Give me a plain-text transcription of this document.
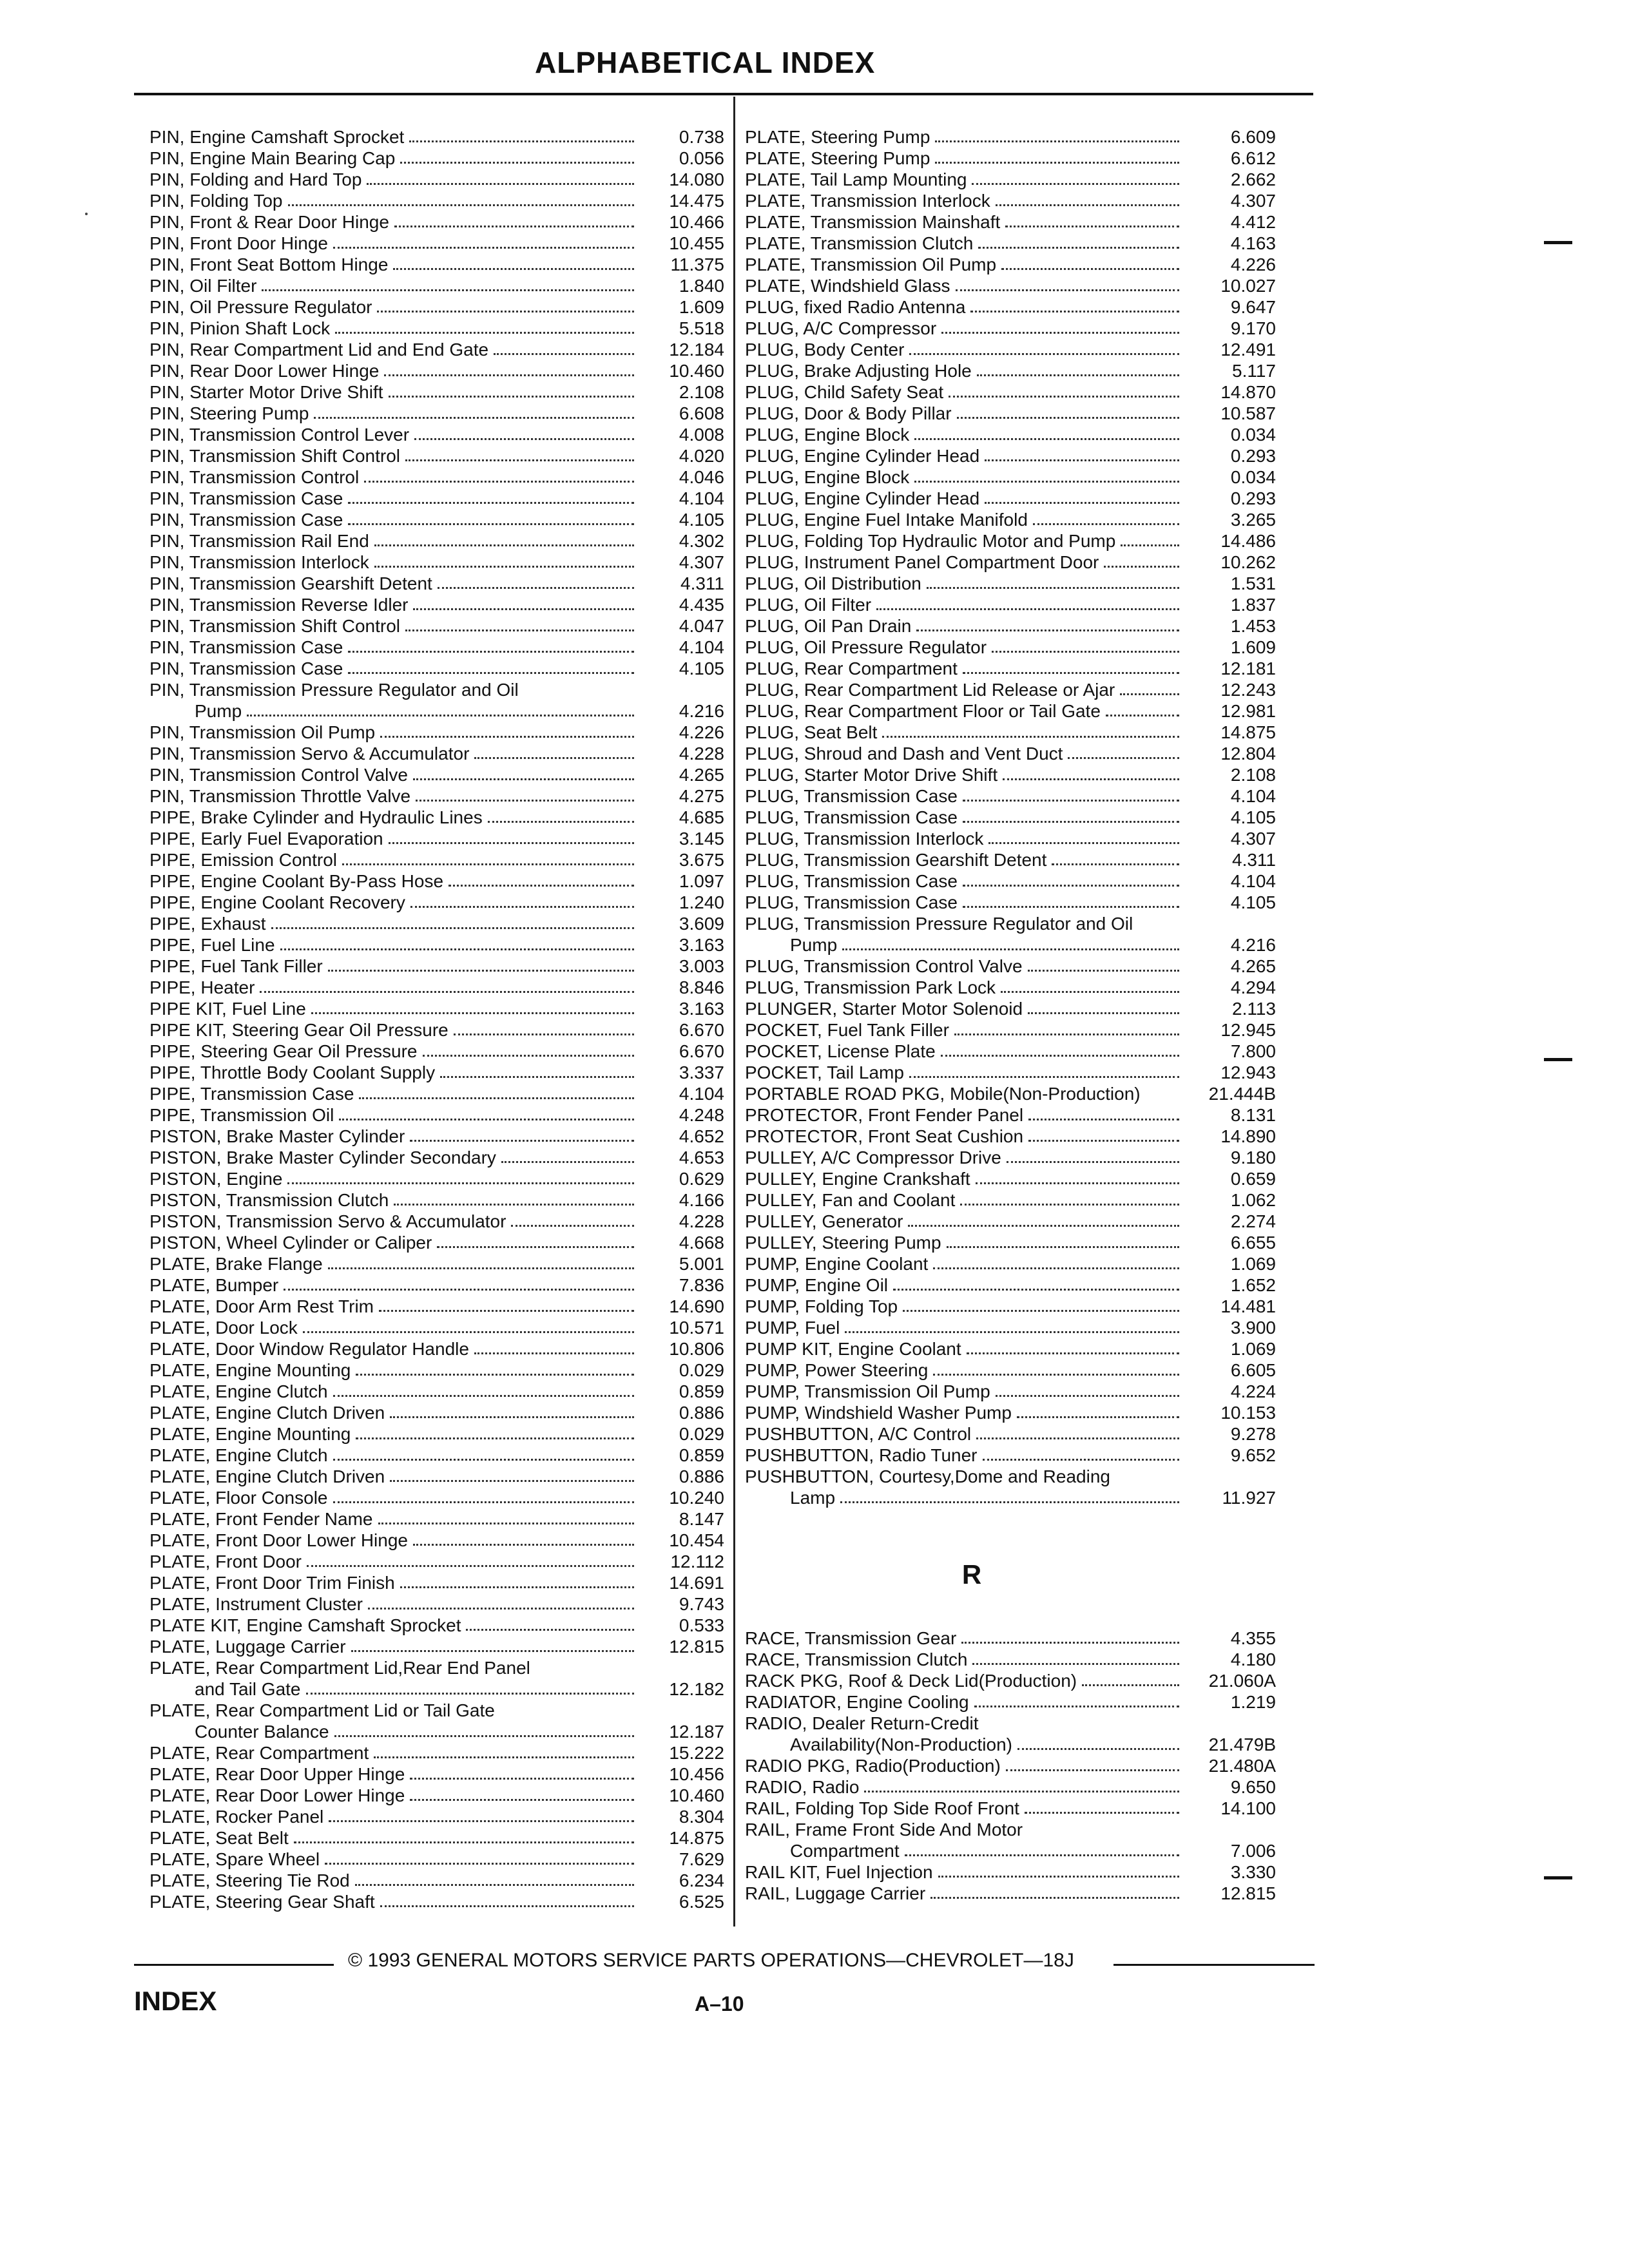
ALPHABETICAL INDEX
PIN, Engine Camshaft Sprocket	0.738
PIN, Engine Main Bearing Cap	0.056
PIN, Folding and Hard Top	14.080
PIN, Folding Top	14.475
PIN, Front & Rear Door Hinge	10.466
PIN, Front Door Hinge	10.455
PIN, Front Seat Bottom Hinge	11.375
PIN, Oil Filter	1.840
PIN, Oil Pressure Regulator	1.609
PIN, Pinion Shaft Lock	5.518
PIN, Rear Compartment Lid and End Gate	12.184
PIN, Rear Door Lower Hinge	10.460
PIN, Starter Motor Drive Shift	2.108
PIN, Steering Pump	6.608
PIN, Transmission Control Lever	4.008
PIN, Transmission Shift Control	4.020
PIN, Transmission Control	4.046
PIN, Transmission Case	4.104
PIN, Transmission Case	4.105
PIN, Transmission Rail End	4.302
PIN, Transmission Interlock	4.307
PIN, Transmission Gearshift Detent	4.311
PIN, Transmission Reverse Idler	4.435
PIN, Transmission Shift Control	4.047
PIN, Transmission Case	4.104
PIN, Transmission Case	4.105
PIN, Transmission Pressure Regulator and Oil
Pump	4.216
PIN, Transmission Oil Pump	4.226
PIN, Transmission Servo & Accumulator	4.228
PIN, Transmission Control Valve	4.265
PIN, Transmission Throttle Valve	4.275
PIPE, Brake Cylinder and Hydraulic Lines	4.685
PIPE, Early Fuel Evaporation	3.145
PIPE, Emission Control	3.675
PIPE, Engine Coolant By-Pass Hose	1.097
PIPE, Engine Coolant Recovery	1.240
PIPE, Exhaust	3.609
PIPE, Fuel Line	3.163
PIPE, Fuel Tank Filler	3.003
PIPE, Heater	8.846
PIPE KIT, Fuel Line	3.163
PIPE KIT, Steering Gear Oil Pressure	6.670
PIPE, Steering Gear Oil Pressure	6.670
PIPE, Throttle Body Coolant Supply	3.337
PIPE, Transmission Case	4.104
PIPE, Transmission Oil	4.248
PISTON, Brake Master Cylinder	4.652
PISTON, Brake Master Cylinder Secondary	4.653
PISTON, Engine	0.629
PISTON, Transmission Clutch	4.166
PISTON, Transmission Servo & Accumulator	4.228
PISTON, Wheel Cylinder or Caliper	4.668
PLATE, Brake Flange	5.001
PLATE, Bumper	7.836
PLATE, Door Arm Rest Trim	14.690
PLATE, Door Lock	10.571
PLATE, Door Window Regulator Handle	10.806
PLATE, Engine Mounting	0.029
PLATE, Engine Clutch	0.859
PLATE, Engine Clutch Driven	0.886
PLATE, Engine Mounting	0.029
PLATE, Engine Clutch	0.859
PLATE, Engine Clutch Driven	0.886
PLATE, Floor Console	10.240
PLATE, Front Fender Name	8.147
PLATE, Front Door Lower Hinge	10.454
PLATE, Front Door	12.112
PLATE, Front Door Trim Finish	14.691
PLATE, Instrument Cluster	9.743
PLATE KIT, Engine Camshaft Sprocket	0.533
PLATE, Luggage Carrier	12.815
PLATE, Rear Compartment Lid,Rear End Panel
and Tail Gate	12.182
PLATE, Rear Compartment Lid or Tail Gate
Counter Balance	12.187
PLATE, Rear Compartment	15.222
PLATE, Rear Door Upper Hinge	10.456
PLATE, Rear Door Lower Hinge	10.460
PLATE, Rocker Panel	8.304
PLATE, Seat Belt	14.875
PLATE, Spare Wheel	7.629
PLATE, Steering Tie Rod	6.234
PLATE, Steering Gear Shaft	6.525
PLATE, Steering Pump	6.609
PLATE, Steering Pump	6.612
PLATE, Tail Lamp Mounting	2.662
PLATE, Transmission Interlock	4.307
PLATE, Transmission Mainshaft	4.412
PLATE, Transmission Clutch	4.163
PLATE, Transmission Oil Pump	4.226
PLATE, Windshield Glass	10.027
PLUG, fixed Radio Antenna	9.647
PLUG, A/C Compressor	9.170
PLUG, Body Center	12.491
PLUG, Brake Adjusting Hole	5.117
PLUG, Child Safety Seat	14.870
PLUG, Door & Body Pillar	10.587
PLUG, Engine Block	0.034
PLUG, Engine Cylinder Head	0.293
PLUG, Engine Block	0.034
PLUG, Engine Cylinder Head	0.293
PLUG, Engine Fuel Intake Manifold	3.265
PLUG, Folding Top Hydraulic Motor and Pump	14.486
PLUG, Instrument Panel Compartment Door	10.262
PLUG, Oil Distribution	1.531
PLUG, Oil Filter	1.837
PLUG, Oil Pan Drain	1.453
PLUG, Oil Pressure Regulator	1.609
PLUG, Rear Compartment	12.181
PLUG, Rear Compartment Lid Release or Ajar	12.243
PLUG, Rear Compartment Floor or Tail Gate	12.981
PLUG, Seat Belt	14.875
PLUG, Shroud and Dash and Vent Duct	12.804
PLUG, Starter Motor Drive Shift	2.108
PLUG, Transmission Case	4.104
PLUG, Transmission Case	4.105
PLUG, Transmission Interlock	4.307
PLUG, Transmission Gearshift Detent	4.311
PLUG, Transmission Case	4.104
PLUG, Transmission Case	4.105
PLUG, Transmission Pressure Regulator and Oil
Pump	4.216
PLUG, Transmission Control Valve	4.265
PLUG, Transmission Park Lock	4.294
PLUNGER, Starter Motor Solenoid	2.113
POCKET, Fuel Tank Filler	12.945
POCKET, License Plate	7.800
POCKET, Tail Lamp	12.943
PORTABLE ROAD PKG, Mobile(Non-Production)	21.444B
PROTECTOR, Front Fender Panel	8.131
PROTECTOR, Front Seat Cushion	14.890
PULLEY, A/C Compressor Drive	9.180
PULLEY, Engine Crankshaft	0.659
PULLEY, Fan and Coolant	1.062
PULLEY, Generator	2.274
PULLEY, Steering Pump	6.655
PUMP, Engine Coolant	1.069
PUMP, Engine Oil	1.652
PUMP, Folding Top	14.481
PUMP, Fuel	3.900
PUMP KIT, Engine Coolant	1.069
PUMP, Power Steering	6.605
PUMP, Transmission Oil Pump	4.224
PUMP, Windshield Washer Pump	10.153
PUSHBUTTON, A/C Control	9.278
PUSHBUTTON, Radio Tuner	9.652
PUSHBUTTON, Courtesy,Dome and Reading
Lamp	11.927
R
RACE, Transmission Gear	4.355
RACE, Transmission Clutch	4.180
RACK PKG, Roof & Deck Lid(Production)	21.060A
RADIATOR, Engine Cooling	1.219
RADIO, Dealer Return-Credit
Availability(Non-Production)	21.479B
RADIO PKG, Radio(Production)	21.480A
RADIO, Radio	9.650
RAIL, Folding Top Side Roof Front	14.100
RAIL, Frame Front Side And Motor
Compartment	7.006
RAIL KIT, Fuel Injection	3.330
RAIL, Luggage Carrier	12.815
© 1993 GENERAL MOTORS SERVICE PARTS OPERATIONS—CHEVROLET—18J
INDEX	A–10
